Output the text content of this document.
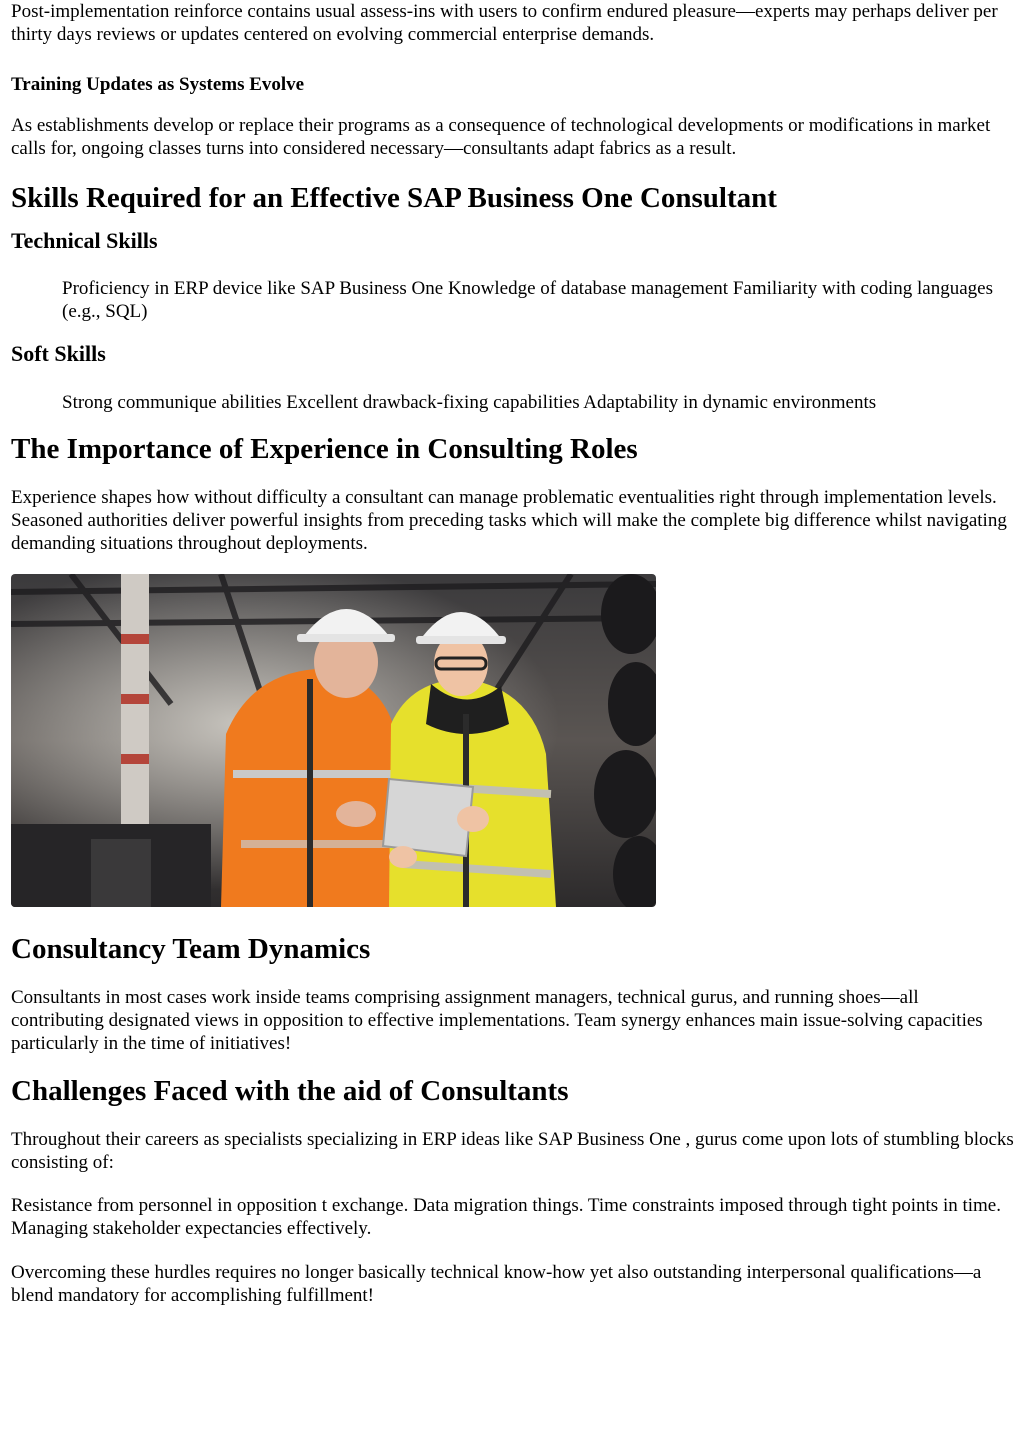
Post-implementation reinforce contains usual assess-ins with users to confirm endured pleasure—experts may perhaps deliver per thirty days reviews or updates centered on evolving commercial enterprise demands.

Training Updates as Systems Evolve

As establishments develop or replace their programs as a consequence of technological developments or modifications in market calls for, ongoing classes turns into considered necessary—consultants adapt fabrics as a result.

Skills Required for an Effective SAP Business One Consultant
Technical Skills
Proficiency in ERP device like SAP Business One Knowledge of database management Familiarity with coding languages (e.g., SQL)
Soft Skills
Strong communique abilities Excellent drawback-fixing capabilities Adaptability in dynamic environments
The Importance of Experience in Consulting Roles

Experience shapes how without difficulty a consultant can manage problematic eventualities right through implementation levels. Seasoned authorities deliver powerful insights from preceding tasks which will make the complete big difference whilst navigating demanding situations throughout deployments.

Consultancy Team Dynamics

Consultants in most cases work inside teams comprising assignment managers, technical gurus, and running shoes—all contributing designated views in opposition to effective implementations. Team synergy enhances main issue-solving capacities particularly in the time of initiatives!

Challenges Faced with the aid of Consultants

Throughout their careers as specialists specializing in ERP ideas like SAP Business One , gurus come upon lots of stumbling blocks consisting of:

Resistance from personnel in opposition t exchange. Data migration things. Time constraints imposed through tight points in time. Managing stakeholder expectancies effectively.

Overcoming these hurdles requires no longer basically technical know-how yet also outstanding interpersonal qualifications—a blend mandatory for accomplishing fulfillment!
